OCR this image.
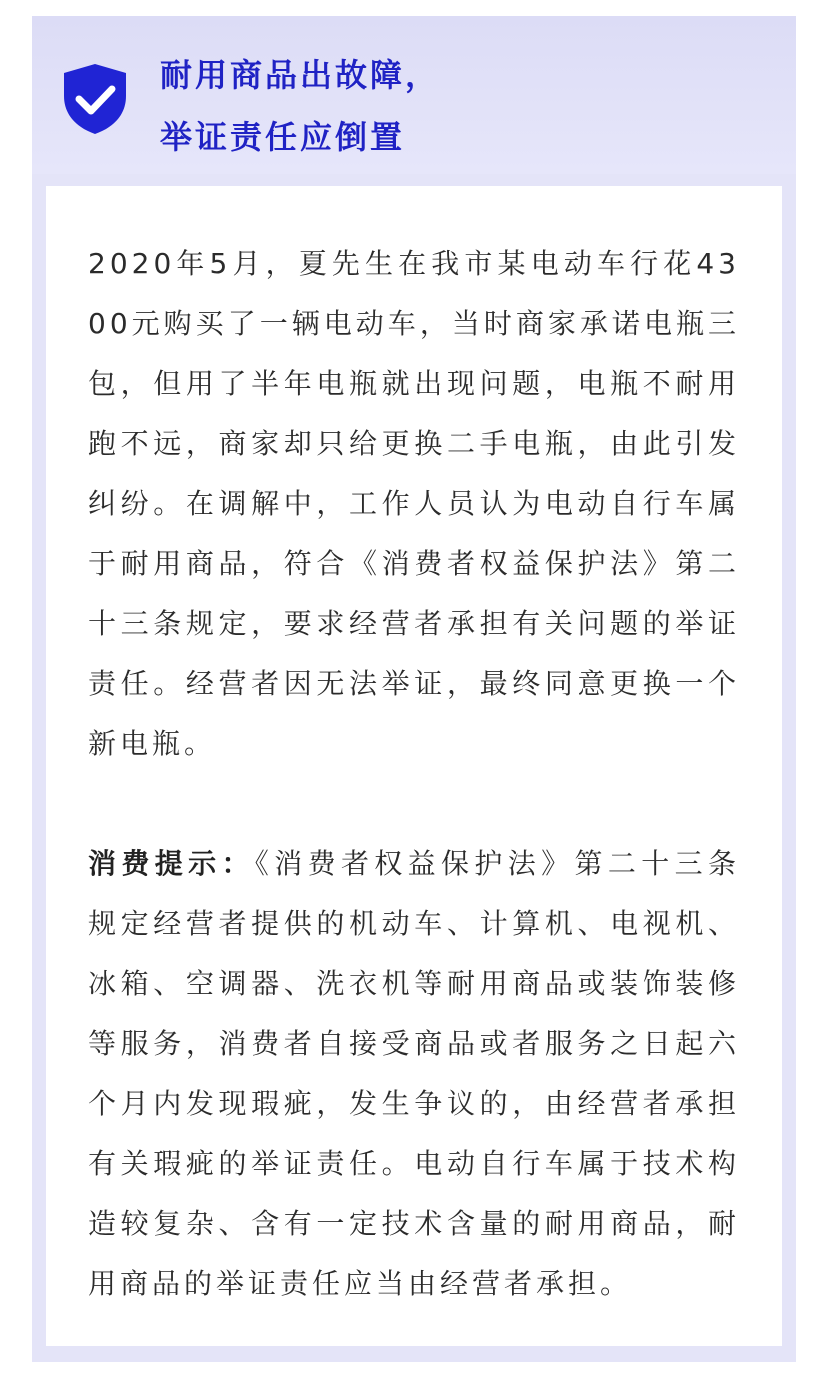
耐用商品出故障，
举证责任应倒置

2020年5月，夏先生在我市某电动车行花4300元购买了一辆电动车，当时商家承诺电瓶三包，但用了半年电瓶就出现问题，电瓶不耐用跑不远，商家却只给更换二手电瓶，由此引发纠纷。在调解中，工作人员认为电动自行车属于耐用商品，符合《消费者权益保护法》第二十三条规定，要求经营者承担有关问题的举证责任。经营者因无法举证，最终同意更换一个新电瓶。

消费提示：《消费者权益保护法》第二十三条规定经营者提供的机动车、计算机、电视机、冰箱、空调器、洗衣机等耐用商品或装饰装修等服务，消费者自接受商品或者服务之日起六个月内发现瑕疵，发生争议的，由经营者承担有关瑕疵的举证责任。电动自行车属于技术构造较复杂、含有一定技术含量的耐用商品，耐用商品的举证责任应当由经营者承担。
